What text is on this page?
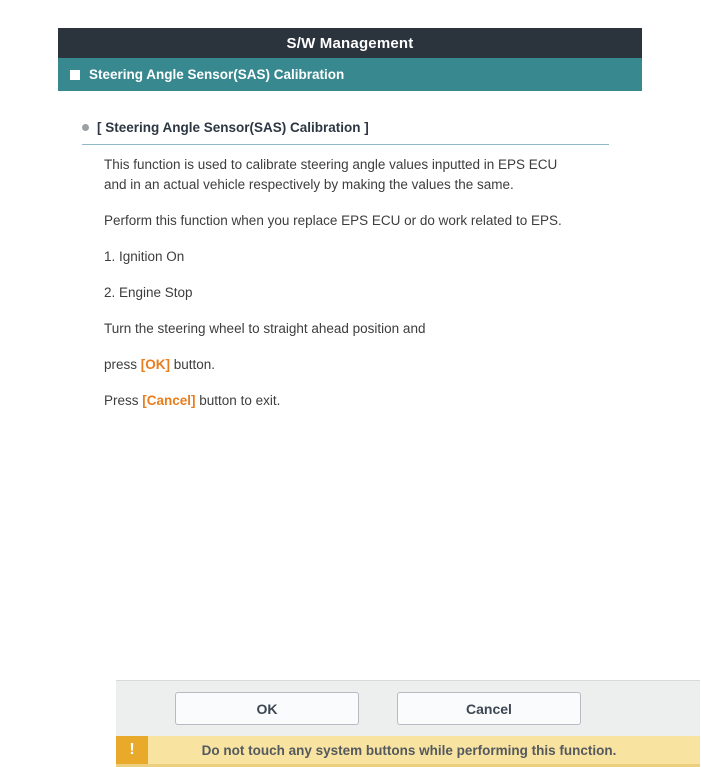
S/W Management
Steering Angle Sensor(SAS) Calibration
[ Steering Angle Sensor(SAS) Calibration ]

This function is used to calibrate steering angle values inputted in EPS ECU
and in an actual vehicle respectively by making the values the same.

Perform this function when you replace EPS ECU or do work related to EPS.

1. Ignition On

2. Engine Stop

Turn the steering wheel to straight ahead position and

press [OK] button.

Press [Cancel] button to exit.

OK	Cancel
!	Do not touch any system buttons while performing this function.
